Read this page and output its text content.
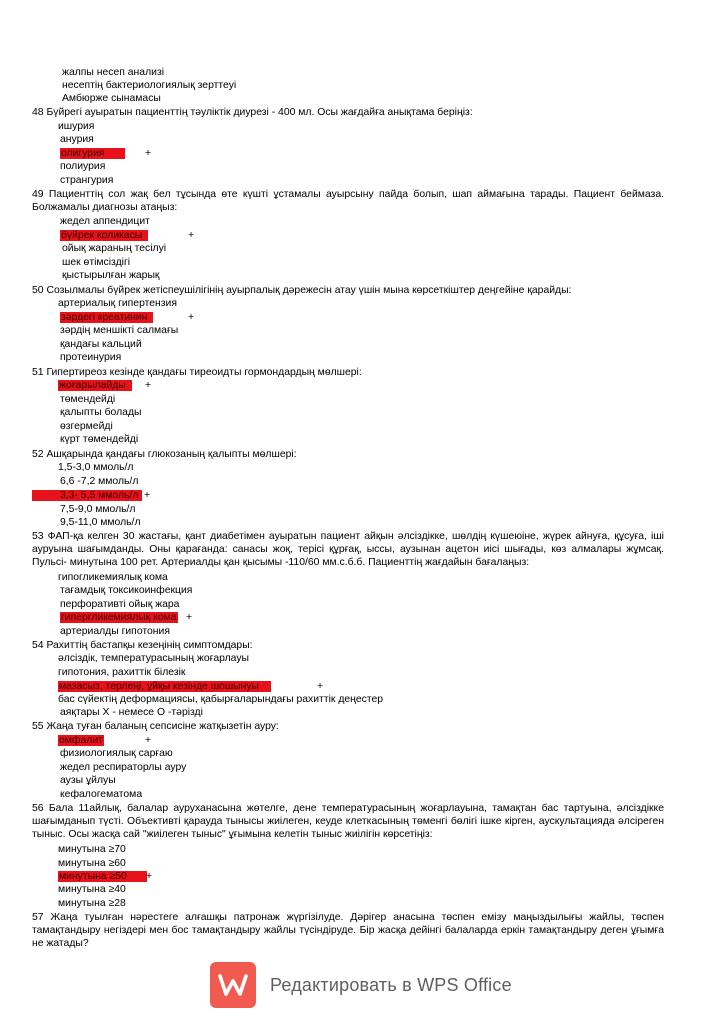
жалпы несеп анализі
несептің бактериологиялық зерттеуі
Амбюрже сынамасы
48 Бүйрегі ауыратын пациенттің тәуліктік диурезі - 400 мл. Осы жағдайға анықтама беріңіз:
ишурия
анурия
олигурия	+
полиурия
странгурия
49 Пациенттің сол жақ бел тұсында өте күшті ұстамалы ауырсыну пайда болып, шап аймағына тарады. Пациент беймаза. Болжамалы диагнозы атаңыз:
жедел аппендицит
бүйрек коликасы	+
ойық жараның тесілуі
шек өтімсіздігі
қыстырылған жарық
50 Созылмалы бүйрек жетіспеушілігінің ауырпалық дәрежесін атау үшін мына көрсеткіштер деңгейіне қарайды:
артериалық гипертензия
зәрдегі креатинин	+
зәрдің меншікті салмағы
қандағы кальций
протеинурия
51 Гипертиреоз кезінде қандағы тиреоидты гормондардың мөлшері:
жоғарылайды	+
төмендейді
қалыпты болады
өзгермейді
күрт төмендейді
52 Ашқарында қандағы глюкозаның қалыпты мөлшері:
1,5-3,0 ммоль/л
6,6 -7,2 ммоль/л
3,3- 5,5 ммоль/л +
7,5-9,0 ммоль/л
9,5-11,0 ммоль/л
53 ФАП-қа келген 30 жастағы, қант диабетімен ауыратын пациент айқын әлсіздікке, шөлдің күшеюіне, жүрек айнуға, құсуға, іші ауруына шағымданды. Оны қарағанда: санасы жоқ, терісі құрғақ, ыссы, аузынан ацетон иісі шығады, көз алмалары жұмсақ. Пульсі- минутына 100 рет. Артериалды қан қысымы -110/60 мм.с.б.б. Пациенттің жағдайын бағалаңыз:
гипогликемиялық кома
тағамдық токсикоинфекция
перфоративті ойық жара
гипергликемиялық кома +
артериалды гипотония
54 Рахиттің бастапқы кезеңінің симптомдары:
әлсіздік, температурасының жоғарлауы
гипотония, рахиттік білезік
мазасыз, терлеңі, ұйқы кезінде шошынуы	+
бас сүйектің деформациясы, қабырғаларындағы рахиттік деңестер
аяқтары Х - немесе О -тәрізді
55 Жаңа туған баланың сепсисіне жатқызетін ауру:
омфалит	+
физиологиялық сарғаю
жедел респираторлы ауру
аузы ұйлуы
кефалогематома
56 Бала 11айлық, балалар ауруханасына жөтелге, дене температурасының жоғарлауына, тамақтан бас тартуына, әлсіздікке шағымданып түсті. Объективті қарауда тынысы жиілеген, кеуде клеткасының төменгі бөлігі ішке кірген, аускультацияда әлсіреген тыныс. Осы жасқа сай "жиілеген тыныс" ұғымына келетін тыныс жиілігін көрсетіңіз:
минутына ≥70
минутына ≥60
минутына ≥50	+
минутына ≥40
минутына ≥28
57 Жаңа туылған нәрестеге алғашқы патронаж жүргізілуде. Дәрігер анасына төспен емізу маңыздылығы жайлы, төспен тамақтандыру негіздері мен бос тамақтандыру жайлы түсіндіруде. Бір жасқа дейінгі балаларда еркін тамақтандыру деген ұғымға не жатады?
Редактировать в WPS Office
